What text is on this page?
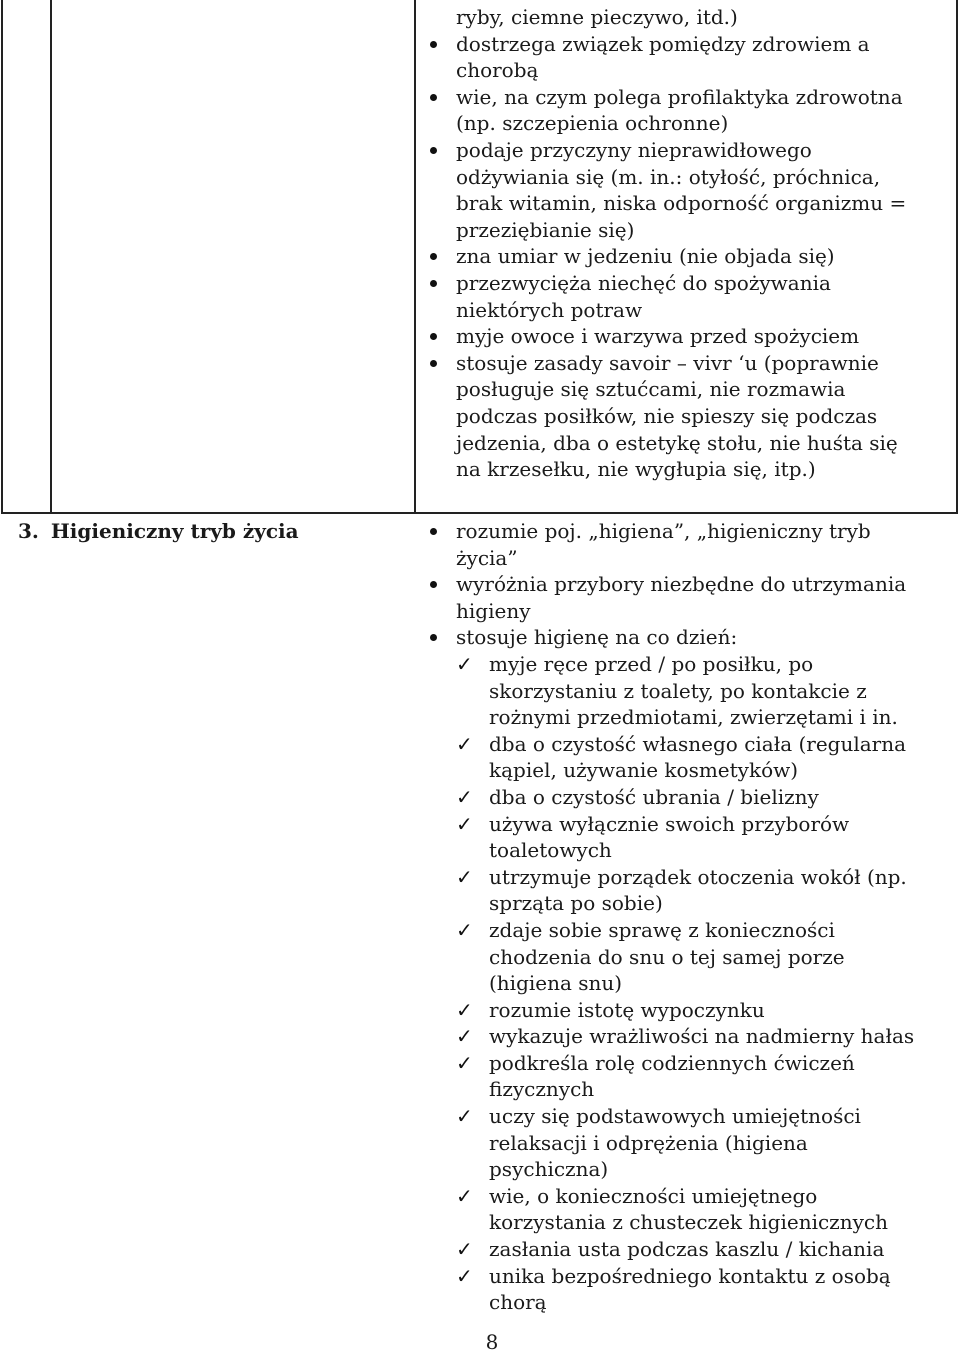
ryby, ciemne pieczywo, itd.)
dostrzega związek pomiędzy zdrowiem a
chorobą
wie, na czym polega profilaktyka zdrowotna
(np. szczepienia ochronne)
podaje przyczyny nieprawidłowego
odżywiania się (m. in.: otyłość, próchnica,
brak witamin, niska odporność organizmu =
przeziębianie się)
zna umiar w jedzeniu (nie objada się)
przezwycięża niechęć do spożywania
niektórych potraw
myje owoce i warzywa przed spożyciem
stosuje zasady savoir – vivr ‘u (poprawnie
posługuje się sztućcami, nie rozmawia
podczas posiłków, nie spieszy się podczas
jedzenia, dba o estetykę stołu, nie huśta się
na krzesełku, nie wygłupia się, itp.)
3. Higieniczny tryb życia	rozumie poj. „higiena”, „higieniczny tryb
życia”
wyróżnia przybory niezbędne do utrzymania
higieny
stosuje higienę na co dzień:
✓ myje ręce przed / po posiłku, po
skorzystaniu z toalety, po kontakcie z
rożnymi przedmiotami, zwierzętami i in.
✓ dba o czystość własnego ciała (regularna
kąpiel, używanie kosmetyków)
✓ dba o czystość ubrania / bielizny
✓ używa wyłącznie swoich przyborów
toaletowych
✓ utrzymuje porządek otoczenia wokół (np.
sprząta po sobie)
✓ zdaje sobie sprawę z konieczności
chodzenia do snu o tej samej porze
(higiena snu)
✓ rozumie istotę wypoczynku
✓ wykazuje wrażliwości na nadmierny hałas
✓ podkreśla rolę codziennych ćwiczeń
fizycznych
✓ uczy się podstawowych umiejętności
relaksacji i odprężenia (higiena
psychiczna)
✓ wie, o konieczności umiejętnego
korzystania z chusteczek higienicznych
✓ zasłania usta podczas kaszlu / kichania
✓ unika bezpośredniego kontaktu z osobą
chorą
8
